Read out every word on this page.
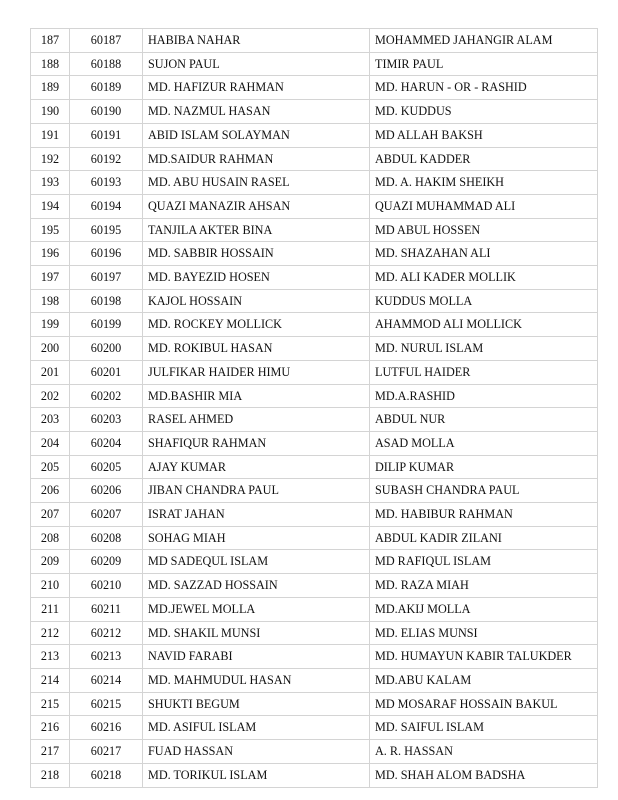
187	60187	HABIBA NAHAR	MOHAMMED JAHANGIR ALAM
188	60188	SUJON PAUL	TIMIR PAUL
189	60189	MD. HAFIZUR RAHMAN	MD. HARUN - OR - RASHID
190	60190	MD. NAZMUL HASAN	MD. KUDDUS
191	60191	ABID ISLAM SOLAYMAN	MD ALLAH BAKSH
192	60192	MD.SAIDUR RAHMAN	ABDUL KADDER
193	60193	MD. ABU HUSAIN RASEL	MD. A. HAKIM SHEIKH
194	60194	QUAZI MANAZIR AHSAN	QUAZI MUHAMMAD ALI
195	60195	TANJILA AKTER BINA	MD ABUL HOSSEN
196	60196	MD. SABBIR HOSSAIN	MD. SHAZAHAN ALI
197	60197	MD. BAYEZID HOSEN	MD. ALI KADER MOLLIK
198	60198	KAJOL HOSSAIN	KUDDUS MOLLA
199	60199	MD. ROCKEY MOLLICK	AHAMMOD ALI MOLLICK
200	60200	MD. ROKIBUL HASAN	MD. NURUL ISLAM
201	60201	JULFIKAR HAIDER HIMU	LUTFUL HAIDER
202	60202	MD.BASHIR MIA	MD.A.RASHID
203	60203	RASEL AHMED	ABDUL NUR
204	60204	SHAFIQUR RAHMAN	ASAD MOLLA
205	60205	AJAY KUMAR	DILIP KUMAR
206	60206	JIBAN CHANDRA PAUL	SUBASH CHANDRA PAUL
207	60207	ISRAT JAHAN	MD. HABIBUR RAHMAN
208	60208	SOHAG MIAH	ABDUL KADIR ZILANI
209	60209	MD SADEQUL ISLAM	MD RAFIQUL ISLAM
210	60210	MD. SAZZAD HOSSAIN	MD. RAZA MIAH
211	60211	MD.JEWEL MOLLA	MD.AKIJ MOLLA
212	60212	MD. SHAKIL MUNSI	MD. ELIAS MUNSI
213	60213	NAVID FARABI	MD. HUMAYUN KABIR TALUKDER
214	60214	MD. MAHMUDUL HASAN	MD.ABU KALAM
215	60215	SHUKTI BEGUM	MD MOSARAF HOSSAIN BAKUL
216	60216	MD. ASIFUL ISLAM	MD. SAIFUL ISLAM
217	60217	FUAD HASSAN	A. R. HASSAN
218	60218	MD. TORIKUL ISLAM	MD. SHAH ALOM BADSHA
